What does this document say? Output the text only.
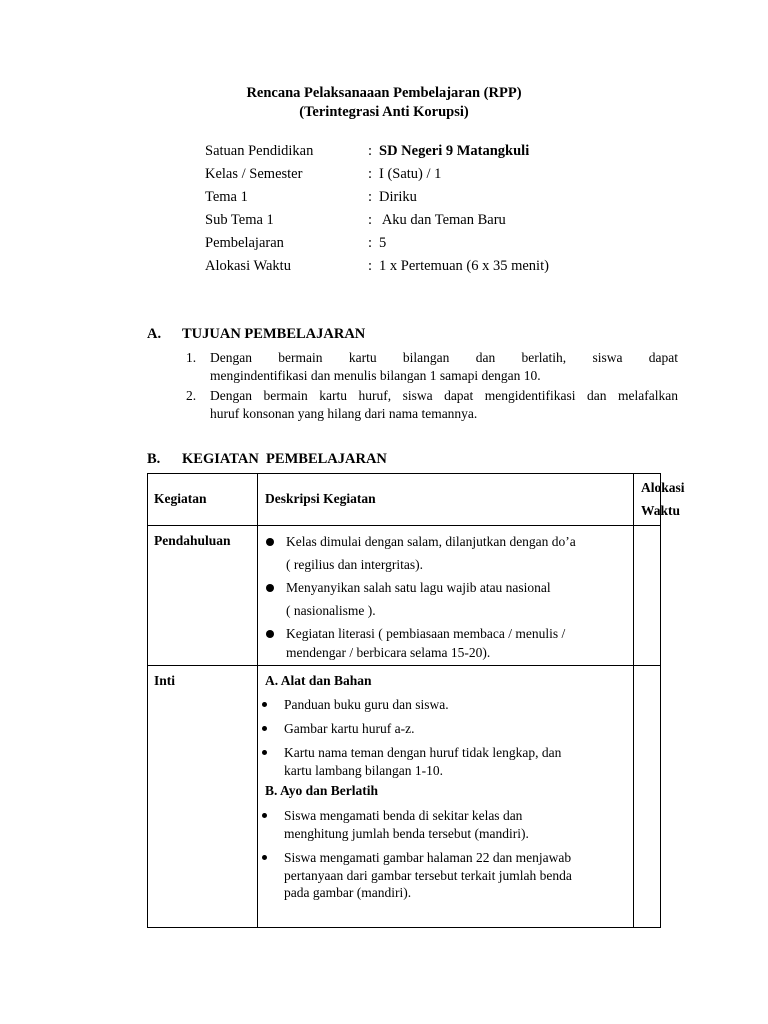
Rencana Pelaksanaaan Pembelajaran (RPP)
(Terintegrasi Anti Korupsi)
Satuan Pendidikan	: SD Negeri 9 Matangkuli
Kelas / Semester	: I (Satu) / 1
Tema 1	: Diriku
Sub Tema 1	: Aku dan Teman Baru
Pembelajaran	: 5
Alokasi Waktu	: 1 x Pertemuan (6 x 35 menit)
A. TUJUAN PEMBELAJARAN
1. Dengan bermain kartu bilangan dan berlatih, siswa dapat
mengindentifikasi dan menulis bilangan 1 samapi dengan 10.
2. Dengan bermain kartu huruf, siswa dapat mengidentifikasi dan melafalkan
huruf konsonan yang hilang dari nama temannya.
B. KEGIATAN  PEMBELAJARAN
Kegiatan	Deskripsi Kegiatan
Alokasi
Waktu
Pendahuluan	Kelas dimulai dengan salam, dilanjutkan dengan do’a
( regilius dan intergritas).
Menyanyikan salah satu lagu wajib atau nasional
( nasionalisme ).
Kegiatan literasi ( pembiasaan membaca / menulis /
mendengar / berbicara selama 15-20).
Inti	A. Alat dan Bahan
Panduan buku guru dan siswa.
Gambar kartu huruf a-z.
Kartu nama teman dengan huruf tidak lengkap, dan
kartu lambang bilangan 1-10.
B. Ayo dan Berlatih
Siswa mengamati benda di sekitar kelas dan
menghitung jumlah benda tersebut (mandiri).
Siswa mengamati gambar halaman 22 dan menjawab
pertanyaan dari gambar tersebut terkait jumlah benda
pada gambar (mandiri).
